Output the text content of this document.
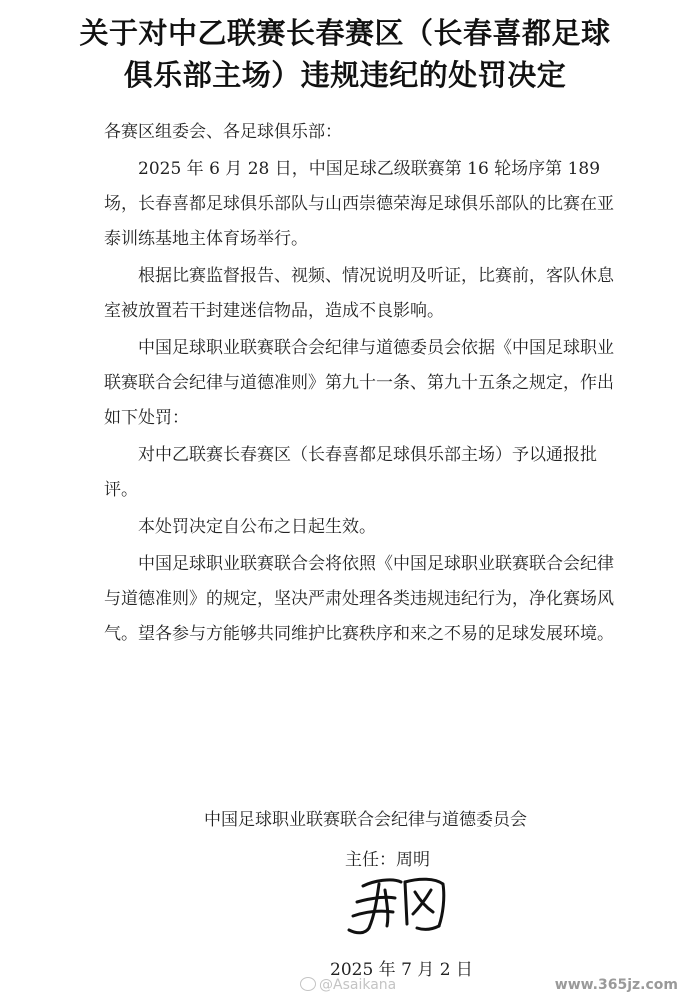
关于对中乙联赛长春赛区（长春喜都足球
俱乐部主场）违规违纪的处罚决定

各赛区组委会、各足球俱乐部：

2025 年 6 月 28 日，中国足球乙级联赛第 16 轮场序第 189 场，长春喜都足球俱乐部队与山西崇德荣海足球俱乐部队的比赛在亚泰训练基地主体育场举行。

根据比赛监督报告、视频、情况说明及听证，比赛前，客队休息室被放置若干封建迷信物品，造成不良影响。

中国足球职业联赛联合会纪律与道德委员会依据《中国足球职业联赛联合会纪律与道德准则》第九十一条、第九十五条之规定，作出如下处罚：

对中乙联赛长春赛区（长春喜都足球俱乐部主场）予以通报批评。

本处罚决定自公布之日起生效。

中国足球职业联赛联合会将依照《中国足球职业联赛联合会纪律与道德准则》的规定，坚决严肃处理各类违规违纪行为，净化赛场风气。望各参与方能够共同维护比赛秩序和来之不易的足球发展环境。

中国足球职业联赛联合会纪律与道德委员会
主任：周明
2025 年 7 月 2 日
@Asaikana	www.365jz.com
